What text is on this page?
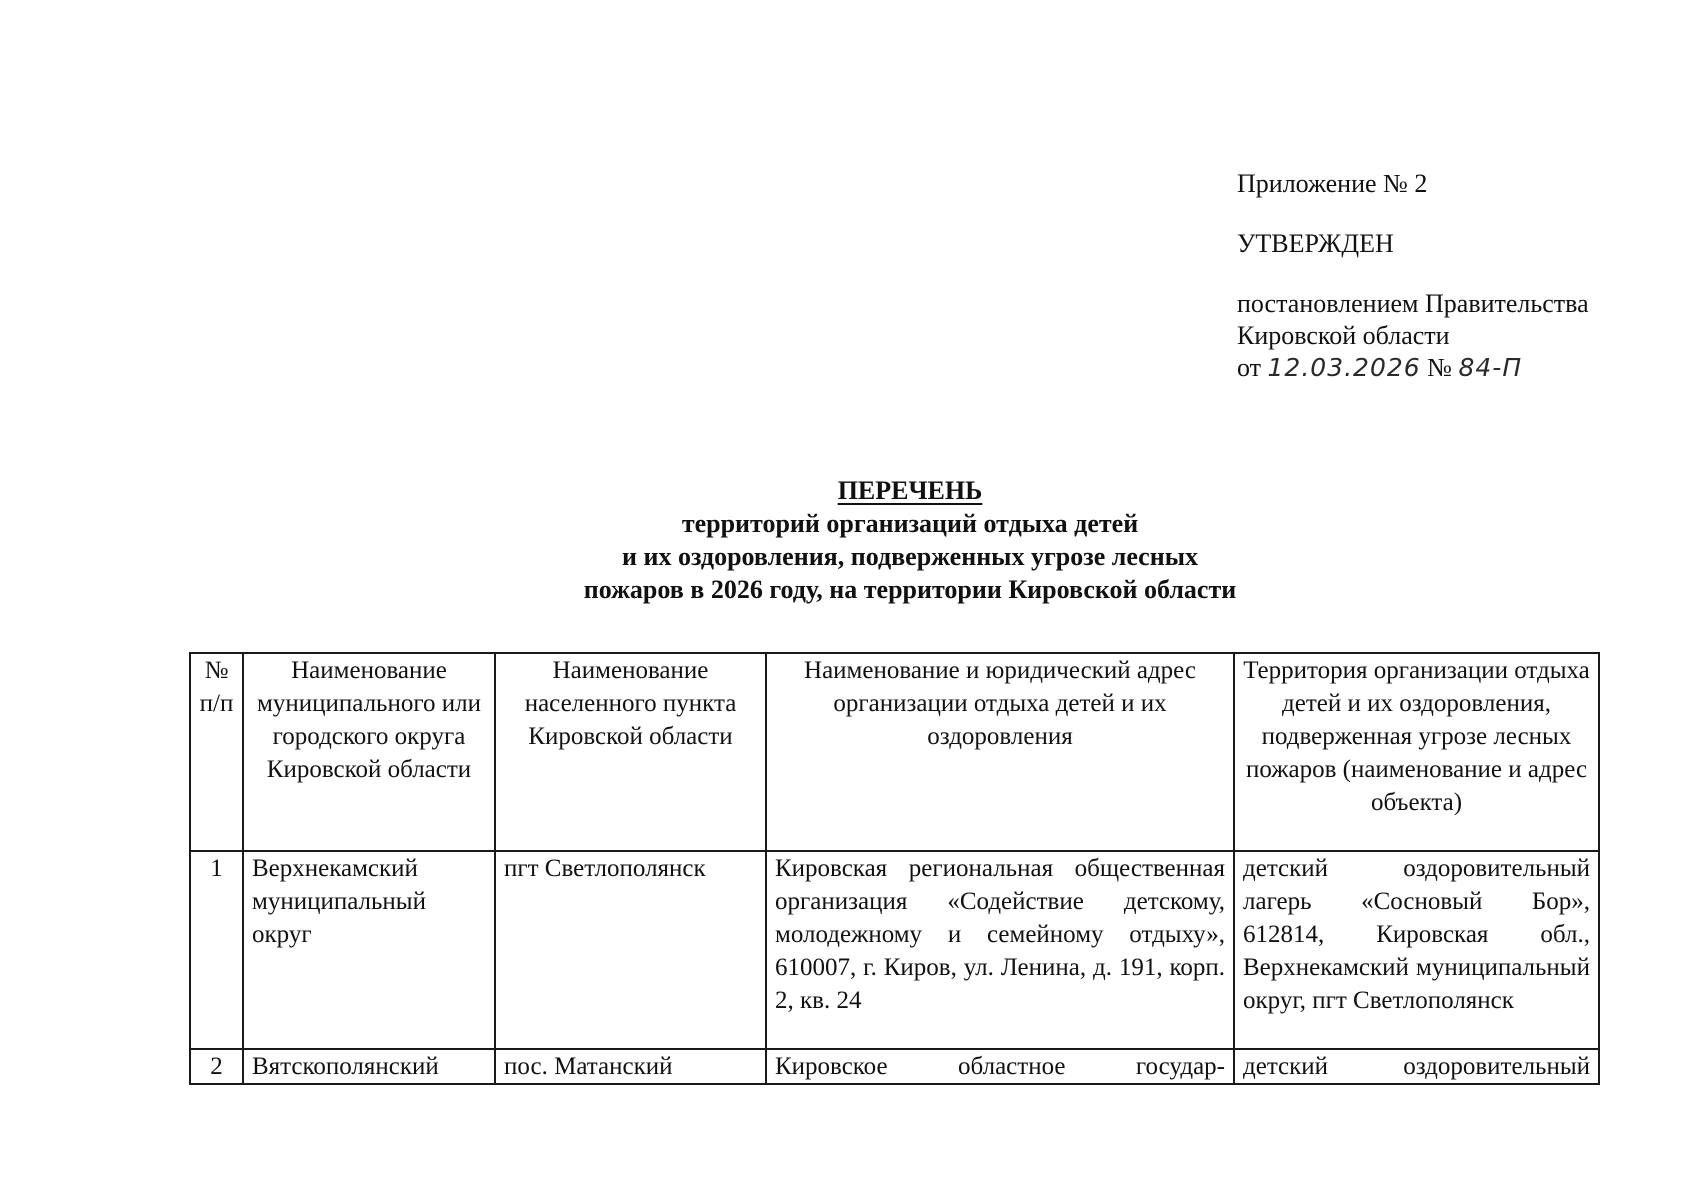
Приложение № 2
УТВЕРЖДЕН
постановлением Правительства
Кировской области
от 12.03.2026 № 84-П
ПЕРЕЧЕНЬ
территорий организаций отдыха детей
и их оздоровления, подверженных угрозе лесных
пожаров в 2026 году, на территории Кировской области
№ п/п	Наименование муниципального или городского округа Кировской области	Наименование населенного пункта Кировской области	Наименование и юридический адрес организации отдыха детей и их оздоровления	Территория организации отдыха детей и их оздоровления, подверженная угрозе лесных пожаров (наименование и адрес объекта)
1	Верхнекамский муниципальный округ	пгт Светлополянск	Кировская региональная общественная организация «Содействие детскому, молодежному и семейному отдыху», 610007, г. Киров, ул. Ленина, д. 191, корп. 2, кв. 24	детский оздоровительный лагерь «Сосновый Бор», 612814, Кировская обл., Верхнекамский муниципальный округ, пгт Светлополянск
2	Вятскополянский	пос. Матанский	Кировское областное государ-	детский оздоровительный
